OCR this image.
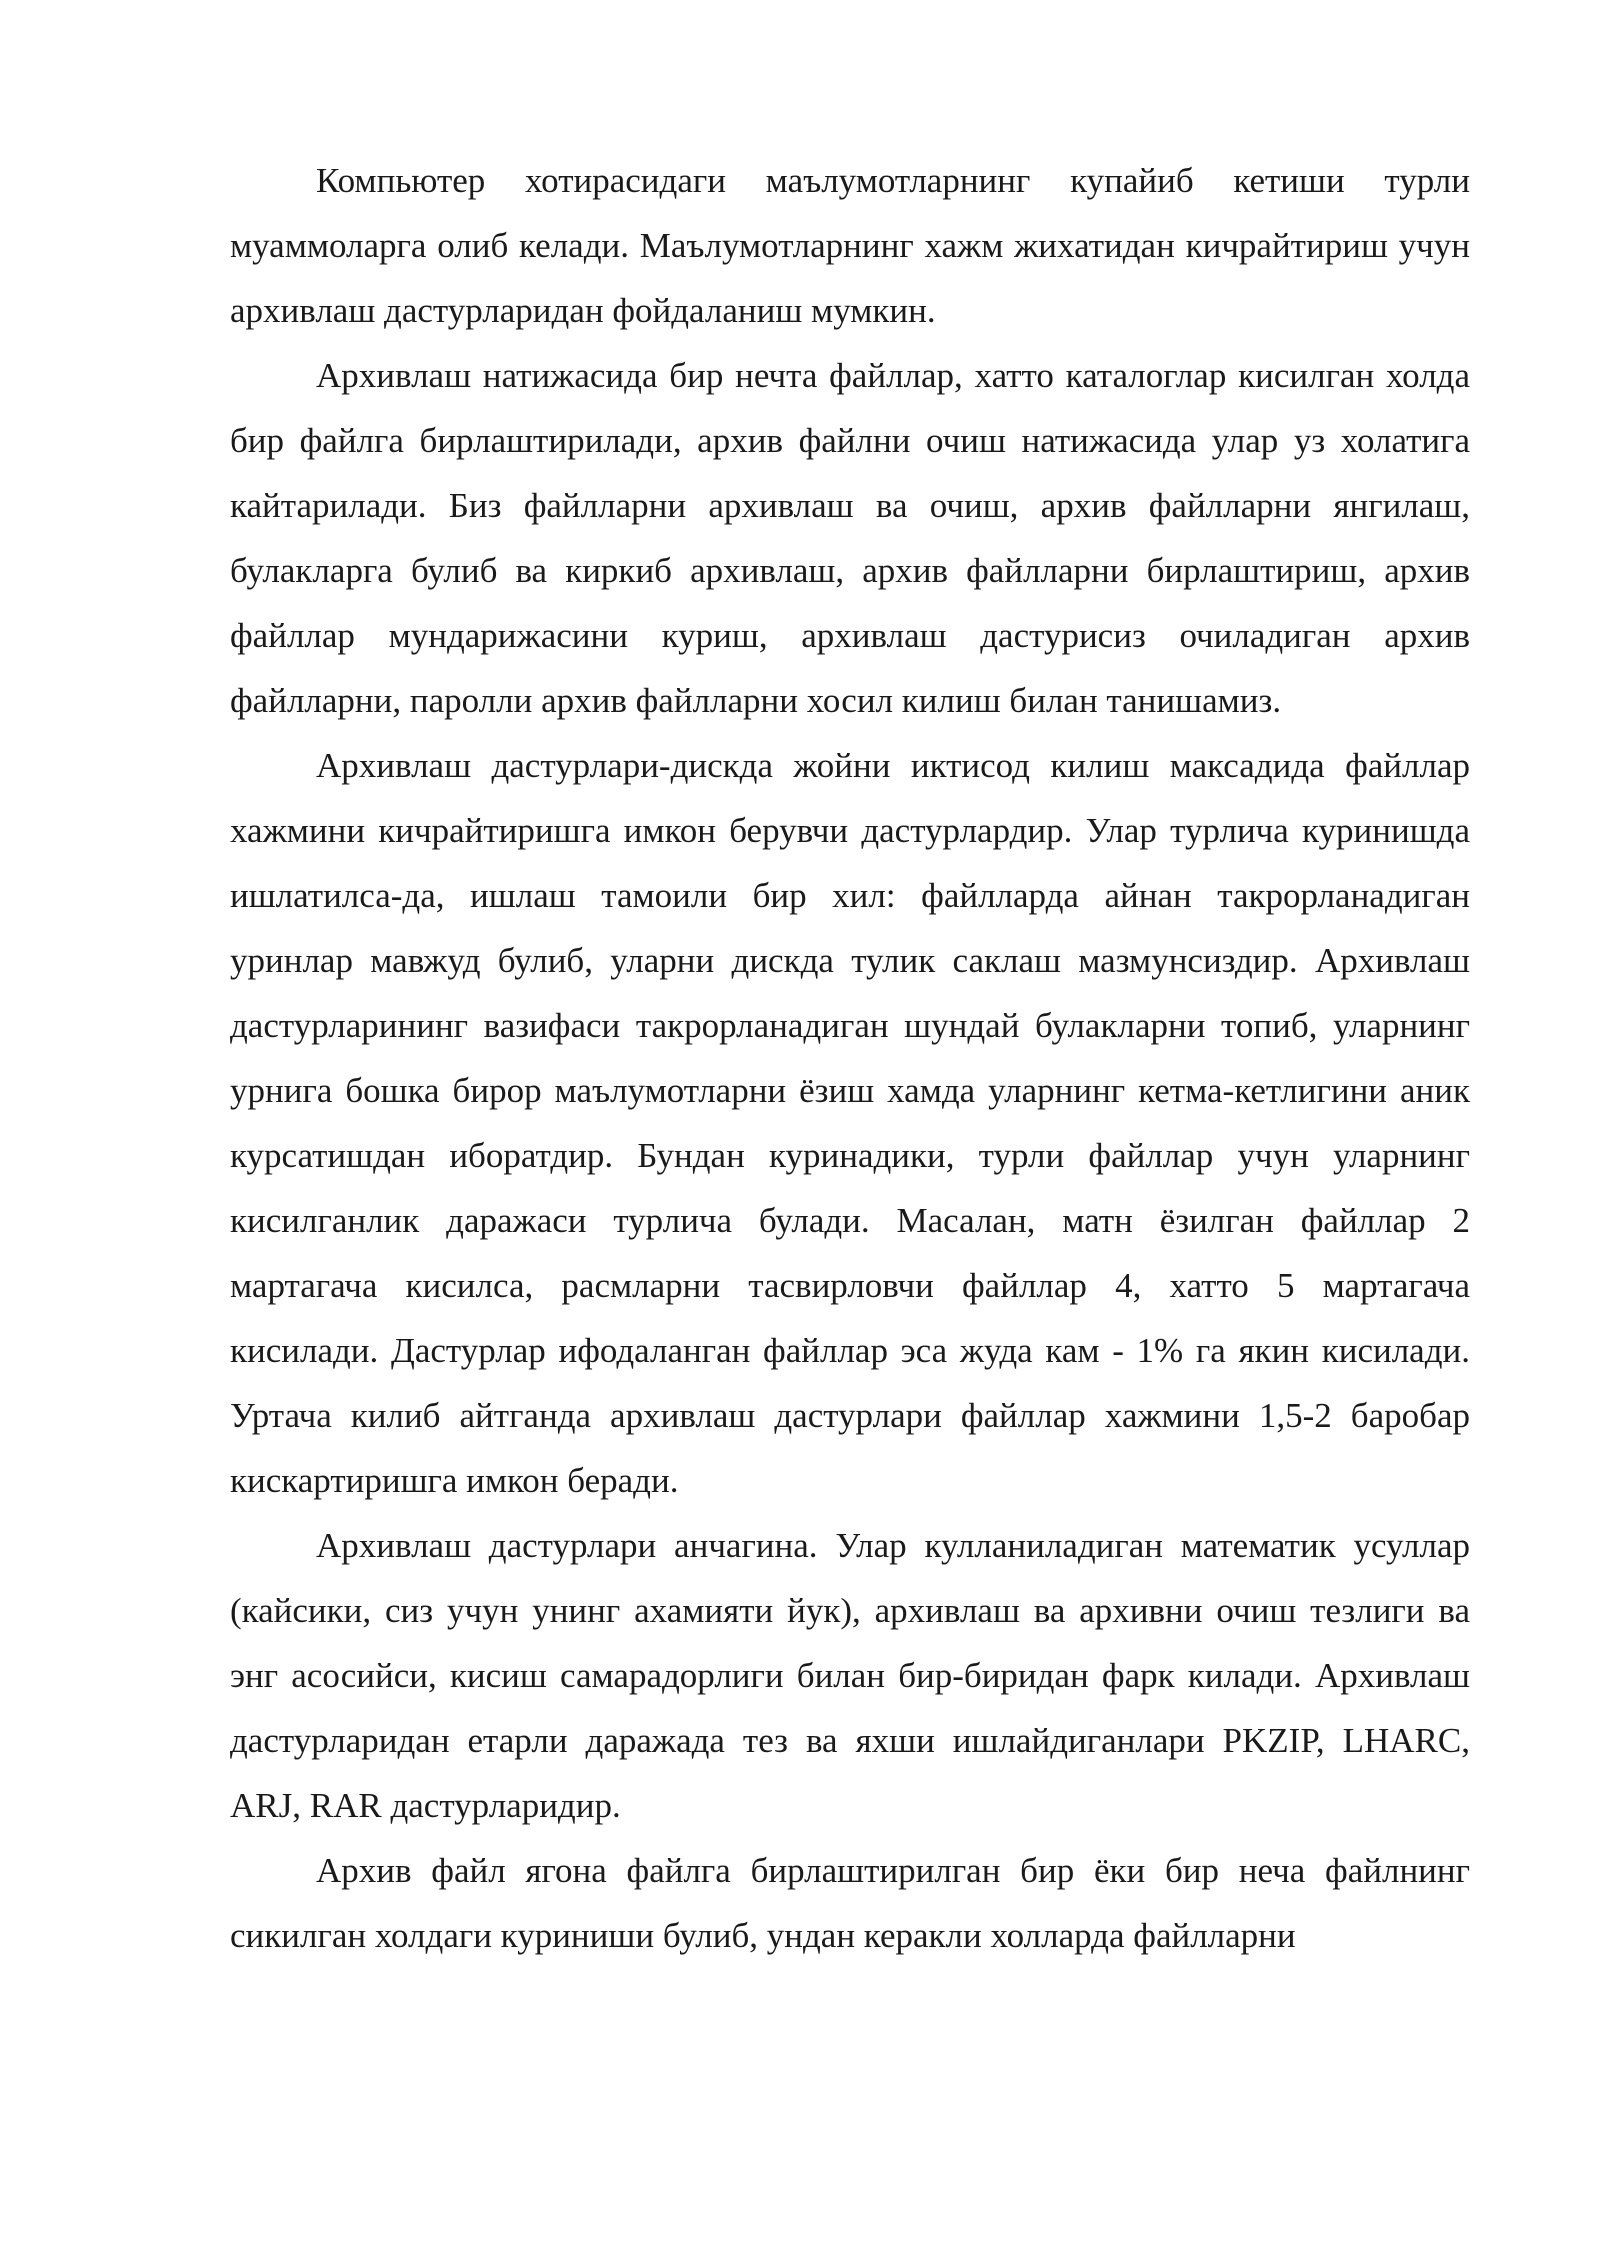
Компьютер хотирасидаги маълумотларнинг купайиб кетиши турли муаммоларга олиб келади. Маълумотларнинг хажм жихатидан кичрайтириш учун архивлаш дастурларидан фойдаланиш мумкин.

Архивлаш натижасида бир нечта файллар, хатто каталоглар кисилган холда бир файлга бирлаштирилади, архив файлни очиш натижасида улар уз холатига кайтарилади. Биз файлларни архивлаш ва очиш, архив файлларни янгилаш, булакларга булиб ва киркиб архивлаш, архив файлларни бирлаштириш, архив файллар мундарижасини куриш, архивлаш дастурисиз очиладиган архив файлларни, паролли архив файлларни хосил килиш билан танишамиз.

Архивлаш дастурлари-дискда жойни иктисод килиш максадида файллар хажмини кичрайтиришга имкон берувчи дастурлардир. Улар турлича куринишда ишлатилса-да, ишлаш тамоили бир хил: файлларда айнан такрорланадиган уринлар мавжуд булиб, уларни дискда тулик саклаш мазмунсиздир. Архивлаш дастурларининг вазифаси такрорланадиган шундай булакларни топиб, уларнинг урнига бошка бирор маълумотларни ёзиш хамда уларнинг кетма-кетлигини аник курсатишдан иборатдир. Бундан куринадики, турли файллар учун уларнинг кисилганлик даражаси турлича булади. Масалан, матн ёзилган файллар 2 мартагача кисилса, расмларни тасвирловчи файллар 4, хатто 5 мартагача кисилади. Дастурлар ифодаланган файллар эса жуда кам - 1% га якин кисилади. Уртача килиб айтганда архивлаш дастурлари файллар хажмини 1,5-2 баробар кискартиришга имкон беради.

Архивлаш дастурлари анчагина. Улар кулланиладиган математик усуллар (кайсики, сиз учун унинг ахамияти йук), архивлаш ва архивни очиш тезлиги ва энг асосийси, кисиш самарадорлиги билан бир-биридан фарк килади. Архивлаш дастурларидан етарли даражада тез ва яхши ишлайдиганлари PKZIP, LHARC, ARJ, RAR дастурларидир.

Архив файл ягона файлга бирлаштирилган бир ёки бир неча файлнинг сикилган холдаги куриниши булиб, ундан керакли холларда файлларни
